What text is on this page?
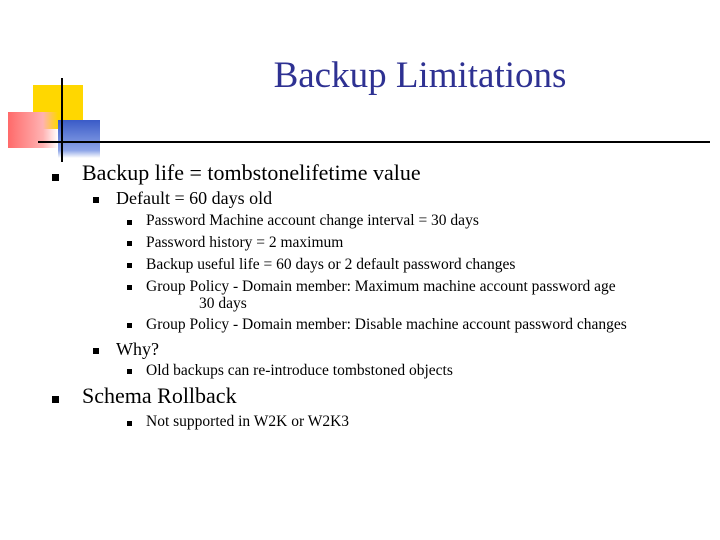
Backup Limitations
Backup life = tombstonelifetime value
Default = 60 days old
Password Machine account change interval = 30 days
Password history = 2 maximum
Backup useful life = 60 days or 2 default password changes
Group Policy - Domain member: Maximum machine account password age
30 days
Group Policy - Domain member: Disable machine account password changes
Why?
Old backups can re-introduce tombstoned objects
Schema Rollback
Not supported in W2K or W2K3
